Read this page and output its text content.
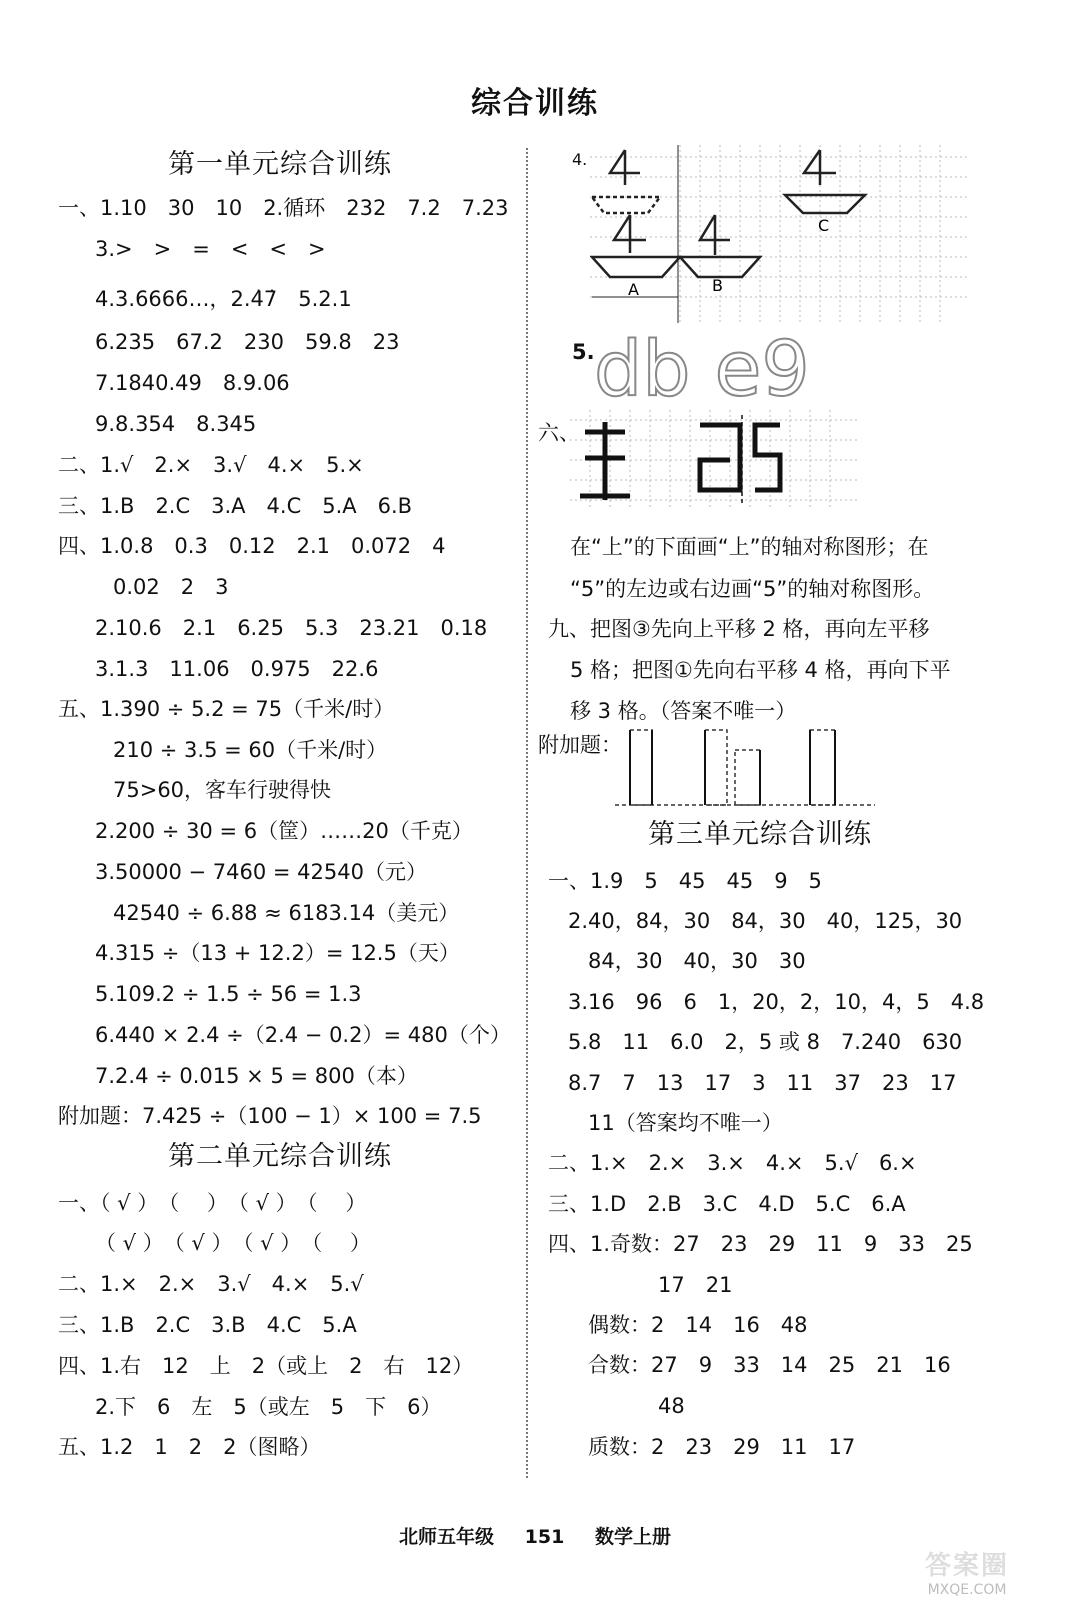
综合训练
第一单元综合训练
一、1.10　30　10　2.循环　232　7.2　7.23
3.>　>　=　<　<　>
4.3.6666…，2.4̇7̇　5.2.1
6.235　67.2　230　59.8　23
7.1840.49　8.9.06
9.8.354　8.345
二、1.√　2.×　3.√　4.×　5.×
三、1.B　2.C　3.A　4.C　5.A　6.B
四、1.0.8　0.3　0.12　2.1　0.072　4
0.02　2　3
2.10.6　2.1　6.25　5.3　23.21　0.18
3.1.3　11.06　0.975　22.6
五、1.390 ÷ 5.2 = 75（千米/时）
210 ÷ 3.5 = 60（千米/时）
75>60，客车行驶得快
2.200 ÷ 30 = 6（筐）……20（千克）
3.50000 − 7460 = 42540（元）
42540 ÷ 6.88 ≈ 6183.14（美元）
4.315 ÷（13 + 12.2）= 12.5（天）
5.109.2 ÷ 1.5 ÷ 56 = 1.3
6.440 × 2.4 ÷（2.4 − 0.2）= 480（个）
7.2.4 ÷ 0.015 × 5 = 800（本）
附加题：7.425 ÷（100 − 1）× 100 = 7.5
第二单元综合训练
一、（ √ ）　（　 ）　（ √ ）　（　 ）
（ √ ）　（ √ ）　（ √ ）　（　 ）
二、1.×　2.×　3.√　4.×　5.√
三、1.B　2.C　3.B　4.C　5.A
四、1.右　12　上　2（或上　2　右　12）
2.下　6　左　5（或左　5　下　6）
五、1.2　1　2　2（图略）
在“上”的下面画“上”的轴对称图形；在
“5”的左边或右边画“5”的轴对称图形。
九、把图③先向上平移 2 格，再向左平移
5 格；把图①先向右平移 4 格，再向下平
移 3 格。（答案不唯一）
第三单元综合训练
一、1.9　5　45　45　9　5
2.40，84，30　84，30　40，125，30
84，30　40，30　30
3.16　96　6　1，20，2，10，4，5　4.8
5.8　11　6.0　2，5 或 8　7.240　630
8.7　7　13　17　3　11　37　23　17
11（答案均不唯一）
二、1.×　2.×　3.×　4.×　5.√　6.×
三、1.D　2.B　3.C　4.D　5.C　6.A
四、1.奇数：27　23　29　11　9　33　25
17　21
偶数：2　14　16　48
合数：27　9　33　14　25　21　16
48
质数：2　23　29　11　17
4.
A	B
C
5. db e9
六、
附加题：
北师五年级 151 数学上册
答案圈
MXQE.COM
